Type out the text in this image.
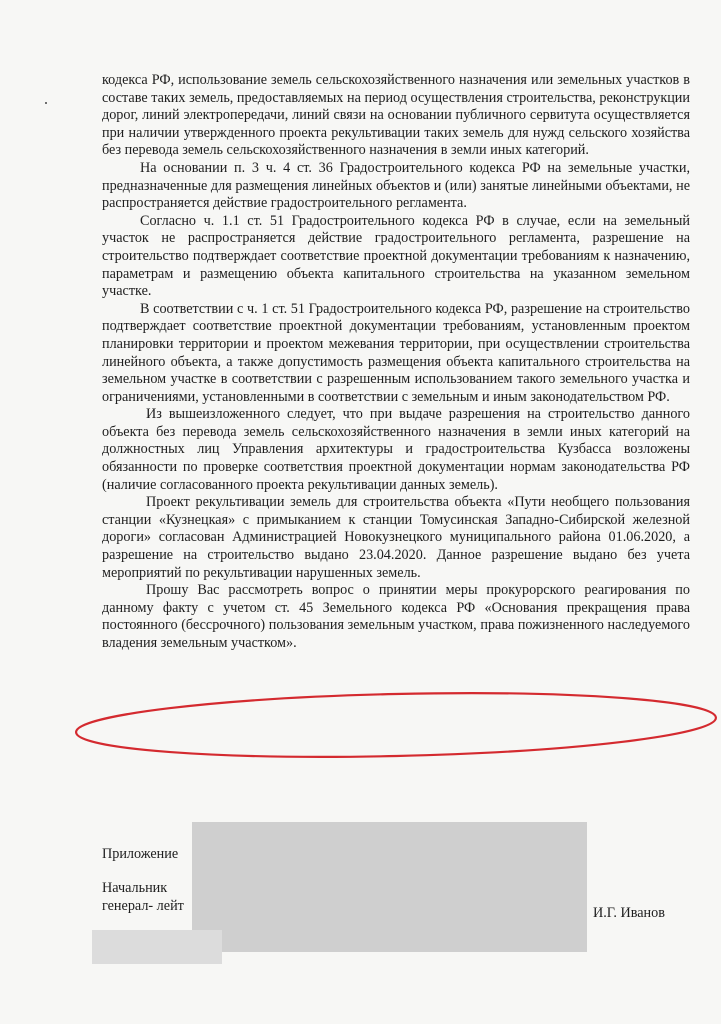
кодекса РФ, использование земель сельскохозяйственного назначения или земельных участков в составе таких земель, предоставляемых на период осуществления строительства, реконструкции дорог, линий электропередачи, линий связи на основании публичного сервитута осуществляется при наличии утвержденного проекта рекультивации таких земель для нужд сельского хозяйства без перевода земель сельскохозяйственного назначения в земли иных категорий.

На основании п. 3 ч. 4 ст. 36 Градостроительного кодекса РФ на земельные участки, предназначенные для размещения линейных объектов и (или) занятые линейными объектами, не распространяется действие градостроительного регламента.

Согласно ч. 1.1 ст. 51 Градостроительного кодекса РФ в случае, если на земельный участок не распространяется действие градостроительного регламента, разрешение на строительство подтверждает соответствие проектной документации требованиям к назначению, параметрам и размещению объекта капитального строительства на указанном земельном участке.

В соответствии с ч. 1 ст. 51 Градостроительного кодекса РФ, разрешение на строительство подтверждает соответствие проектной документации требованиям, установленным проектом планировки территории и проектом межевания территории, при осуществлении строительства линейного объекта, а также допустимость размещения объекта капитального строительства на земельном участке в соответствии с разрешенным использованием такого земельного участка и ограничениями, установленными в соответствии с земельным и иным законодательством РФ.

Из вышеизложенного следует, что при выдаче разрешения на строительство данного объекта без перевода земель сельскохозяйственного назначения в земли иных категорий на должностных лиц Управления архитектуры и градостроительства Кузбасса возложены обязанности по проверке соответствия проектной документации нормам законодательства РФ (наличие согласованного проекта рекультивации данных земель).

Проект рекультивации земель для строительства объекта «Пути необщего пользования станции «Кузнецкая» с примыканием к станции Томусинская Западно-Сибирской железной дороги» согласован Администрацией Новокузнецкого муниципального района 01.06.2020, а разрешение на строительство выдано 23.04.2020. Данное разрешение выдано без учета мероприятий по рекультивации нарушенных земель.

Прошу Вас рассмотреть вопрос о принятии меры прокурорского реагирования по данному факту с учетом ст. 45 Земельного кодекса РФ «Основания прекращения права постоянного (бессрочного) пользования земельным участком, права пожизненного наследуемого владения земельным участком».

Приложение
Начальник
генерал- лейт	И.Г. Иванов
